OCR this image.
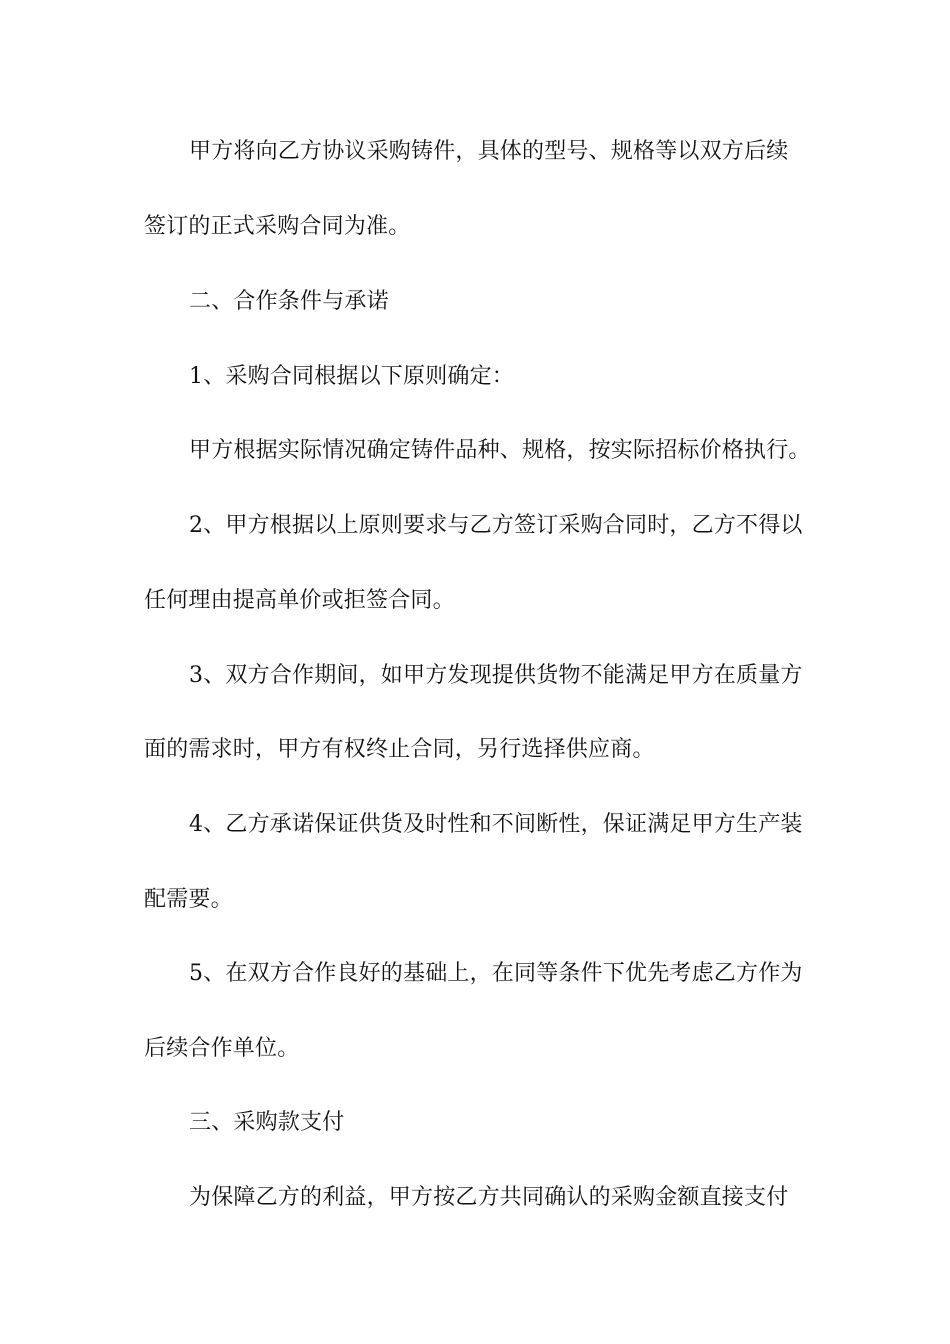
甲方将向乙方协议采购铸件，具体的型号、规格等以双方后续
签订的正式采购合同为准。
二、合作条件与承诺
1、采购合同根据以下原则确定：
甲方根据实际情况确定铸件品种、规格，按实际招标价格执行。
2、甲方根据以上原则要求与乙方签订采购合同时，乙方不得以
任何理由提高单价或拒签合同。
3、双方合作期间，如甲方发现提供货物不能满足甲方在质量方
面的需求时，甲方有权终止合同，另行选择供应商。
4、乙方承诺保证供货及时性和不间断性，保证满足甲方生产装
配需要。
5、在双方合作良好的基础上，在同等条件下优先考虑乙方作为
后续合作单位。
三、采购款支付
为保障乙方的利益，甲方按乙方共同确认的采购金额直接支付
